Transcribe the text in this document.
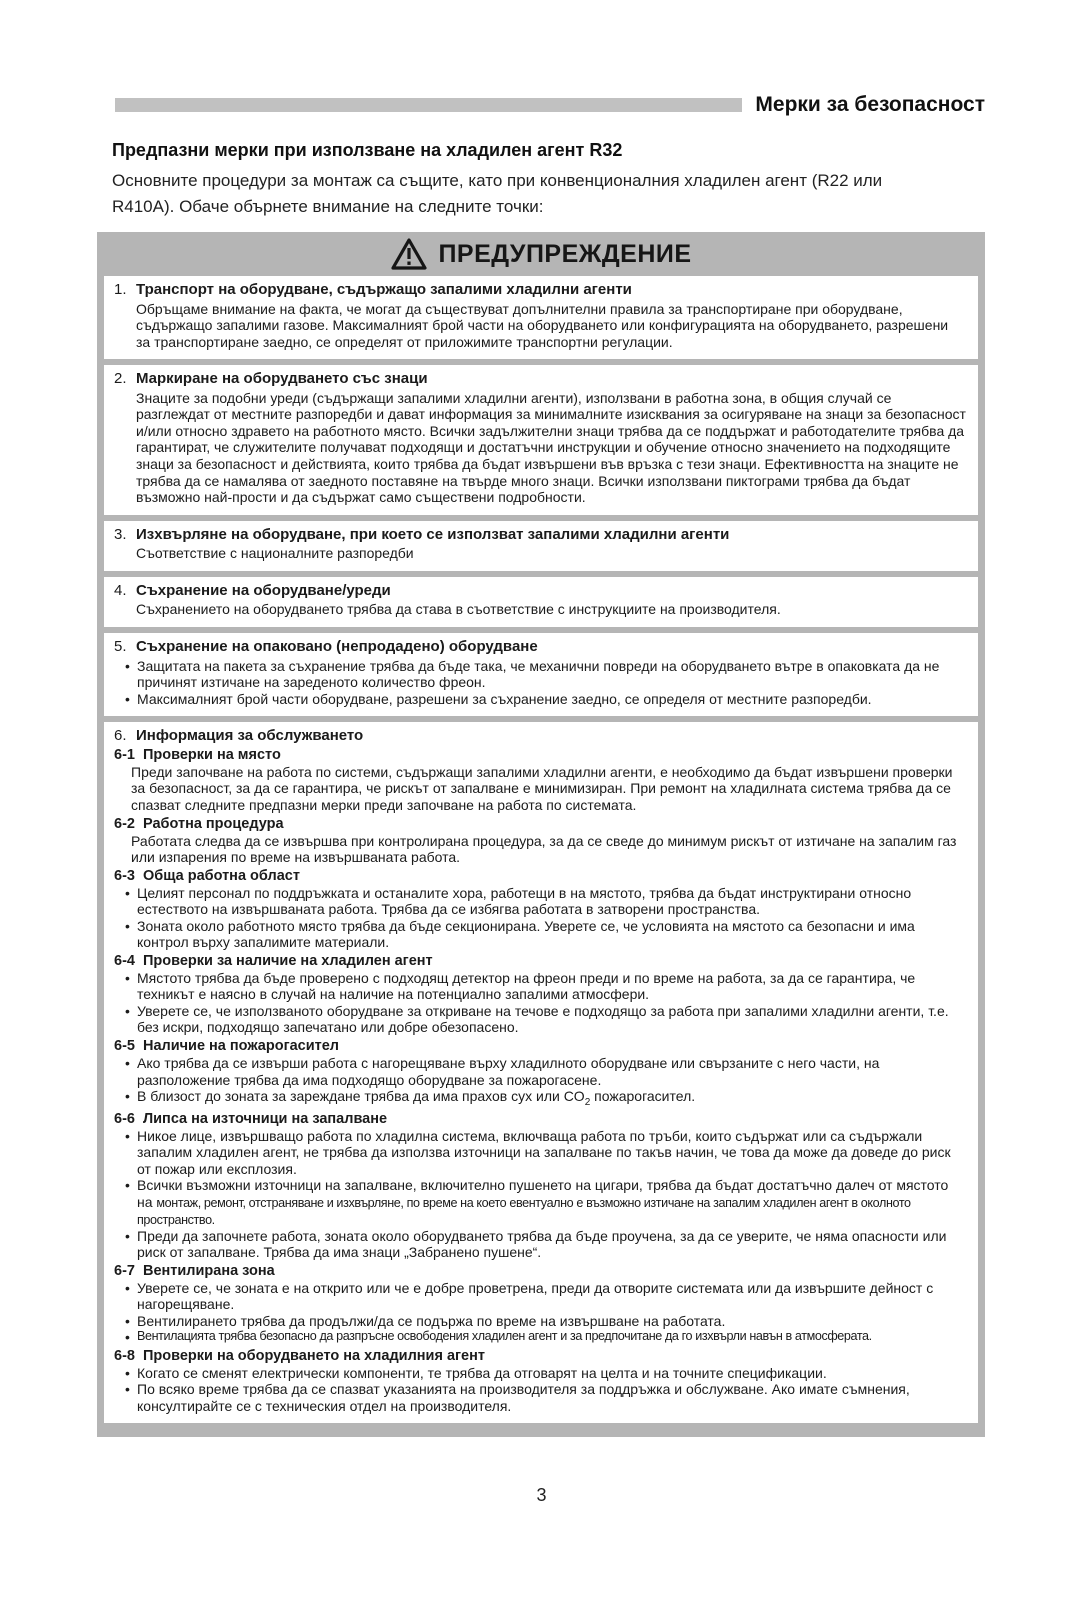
Мерки за безопасност
Предпазни мерки при използване на хладилен агент R32
Основните процедури за монтаж са същите, като при конвенционалния хладилен агент (R22 или R410A). Обаче обърнете внимание на следните точки:
ПРЕДУПРЕЖДЕНИЕ
1. Транспорт на оборудване, съдържащо запалими хладилни агенти
Обръщаме внимание на факта, че могат да съществуват допълнителни правила за транспортиране при оборудване, съдържащо запалими газове. Максималният брой части на оборудването или конфигурацията на оборудването, разрешени за транспортиране заедно, се определят от приложимите транспортни регулации.
2. Маркиране на оборудването със знаци
Знаците за подобни уреди (съдържащи запалими хладилни агенти), използвани в работна зона, в общия случай се разглеждат от местните разпоредби и дават информация за минималните изисквания за осигуряване на знаци за безопасност и/или относно здравето на работното място. Всички задължителни знаци трябва да се поддържат и работодателите трябва да гарантират, че служителите получават подходящи и достатъчни инструкции и обучение относно значението на подходящите знаци за безопасност и действията, които трябва да бъдат извършени във връзка с тези знаци. Ефективността на знаците не трябва да се намалява от заедното поставяне на твърде много знаци. Всички използвани пиктограми трябва да бъдат възможно най-прости и да съдържат само съществени подробности.
3. Изхвърляне на оборудване, при което се използват запалими хладилни агенти
Съответствие с националните разпоредби
4. Съхранение на оборудване/уреди
Съхранението на оборудването трябва да става в съответствие с инструкциите на производителя.
5. Съхранение на опаковано (непродадено) оборудване
• Защитата на пакета за съхранение трябва да бъде така, че механични повреди на оборудването вътре в опаковката да не причинят изтичане на зареденото количество фреон.
• Максималният брой части оборудване, разрешени за съхранение заедно, се определя от местните разпоредби.
6. Информация за обслужването
6-1 Проверки на място
Преди започване на работа по системи, съдържащи запалими хладилни агенти, е необходимо да бъдат извършени проверки за безопасност, за да се гарантира, че рискът от запалване е минимизиран. При ремонт на хладилната система трябва да се спазват следните предпазни мерки преди започване на работа по системата.
6-2 Работна процедура
Работата следва да се извършва при контролирана процедура, за да се сведе до минимум рискът от изтичане на запалим газ или изпарения по време на извършваната работа.
6-3 Обща работна област
• Целият персонал по поддръжката и останалите хора, работещи в на мястото, трябва да бъдат инструктирани относно естеството на извършваната работа. Трябва да се избягва работата в затворени пространства.
• Зоната около работното място трябва да бъде секционирана. Уверете се, че условията на мястото са безопасни и има контрол върху запалимите материали.
6-4 Проверки за наличие на хладилен агент
• Мястото трябва да бъде проверено с подходящ детектор на фреон преди и по време на работа, за да се гарантира, че техникът е наясно в случай на наличие на потенциално запалими атмосфери.
• Уверете се, че използваното оборудване за откриване на течове е подходящо за работа при запалими хладилни агенти, т.е. без искри, подходящо запечатано или добре обезопасено.
6-5 Наличие на пожарогасител
• Ако трябва да се извърши работа с нагорещяване върху хладилното оборудване или свързаните с него части, на разположение трябва да има подходящо оборудване за пожарогасене.
• В близост до зоната за зареждане трябва да има прахов сух или $CO_2$ пожарогасител.
6-6 Липса на източници на запалване
• Никое лице, извършващо работа по хладилна система, включваща работа по тръби, които съдържат или са съдържали запалим хладилен агент, не трябва да използва източници на запалване по такъв начин, че това да може да доведе до риск от пожар или експлозия.
• Всички възможни източници на запалване, включително пушенето на цигари, трябва да бъдат достатъчно далеч от мястото на монтаж, ремонт, отстраняване и изхвърляне, по време на което евентуално е възможно изтичане на запалим хладилен агент в околното пространство.
• Преди да започнете работа, зоната около оборудването трябва да бъде проучена, за да се уверите, че няма опасности или риск от запалване. Трябва да има знаци „Забранено пушене“.
6-7 Вентилирана зона
• Уверете се, че зоната е на открито или че е добре проветрена, преди да отворите системата или да извършите дейност с нагорещяване.
• Вентилирането трябва да продължи/да се подържа по време на извършване на работата.
• Вентилацията трябва безопасно да разпръсне освободения хладилен агент и за предпочитане да го изхвърли навън в атмосферата.
6-8 Проверки на оборудването на хладилния агент
• Когато се сменят електрически компоненти, те трябва да отговарят на целта и на точните спецификации.
• По всяко време трябва да се спазват указанията на производителя за поддръжка и обслужване. Ако имате съмнения, консултирайте се с техническия отдел на производителя.
3
